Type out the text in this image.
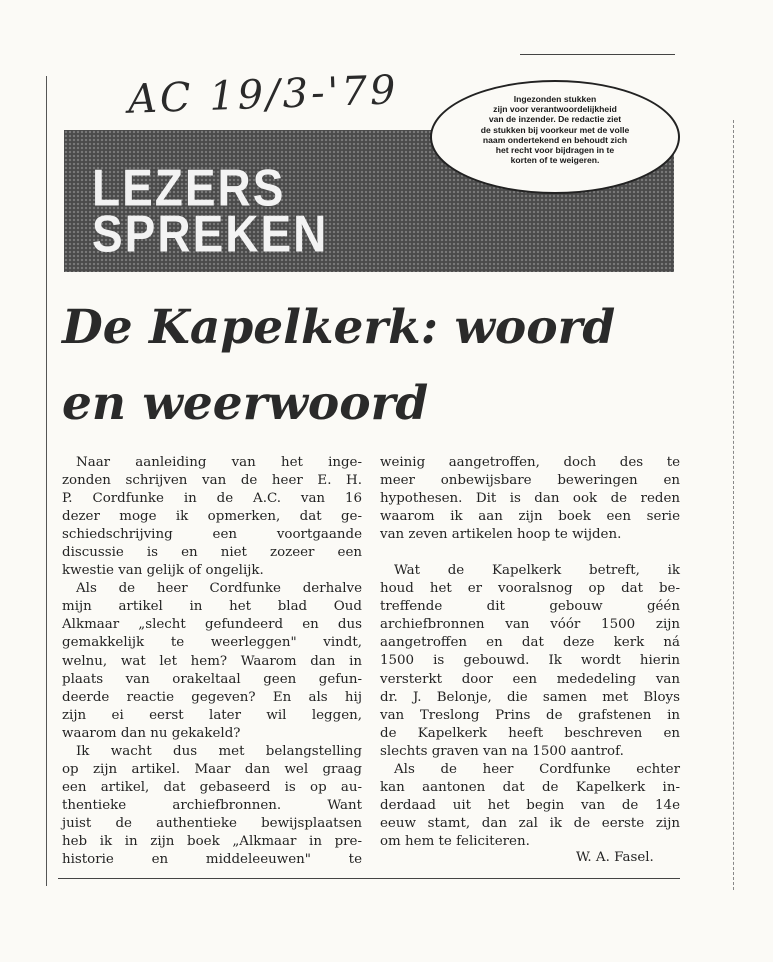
AC 19/3-'79
LEZERS
SPREKEN
Ingezonden stukken
zijn voor verantwoordelijkheid
van de inzender. De redactie ziet
de stukken bij voorkeur met de volle
naam ondertekend en behoudt zich
het recht voor bijdragen in te
korten of te weigeren.
De Kapelkerk: woord
en weerwoord
Naar aanleiding van het inge-
zonden schrijven van de heer E. H.
P. Cordfunke in de A.C. van 16
dezer moge ik opmerken, dat ge-
schiedschrijving een voortgaande
discussie is en niet zozeer een
kwestie van gelijk of ongelijk.
Als de heer Cordfunke derhalve
mijn artikel in het blad Oud
Alkmaar „slecht gefundeerd en dus
gemakkelijk te weerleggen" vindt,
welnu, wat let hem? Waarom dan in
plaats van orakeltaal geen gefun-
deerde reactie gegeven? En als hij
zijn ei eerst later wil leggen,
waarom dan nu gekakeld?
Ik wacht dus met belangstelling
op zijn artikel. Maar dan wel graag
een artikel, dat gebaseerd is op au-
thentieke archiefbronnen. Want
juist de authentieke bewijsplaatsen
heb ik in zijn boek „Alkmaar in pre-
historie en middeleeuwen" te
weinig aangetroffen, doch des te
meer onbewijsbare beweringen en
hypothesen. Dit is dan ook de reden
waarom ik aan zijn boek een serie
van zeven artikelen hoop te wijden.
Wat de Kapelkerk betreft, ik
houd het er vooralsnog op dat be-
treffende dit gebouw géén
archiefbronnen van vóór 1500 zijn
aangetroffen en dat deze kerk ná
1500 is gebouwd. Ik wordt hierin
versterkt door een mededeling van
dr. J. Belonje, die samen met Bloys
van Treslong Prins de grafstenen in
de Kapelkerk heeft beschreven en
slechts graven van na 1500 aantrof.
Als de heer Cordfunke echter
kan aantonen dat de Kapelkerk in-
derdaad uit het begin van de 14e
eeuw stamt, dan zal ik de eerste zijn
om hem te feliciteren.
W. A. Fasel.
